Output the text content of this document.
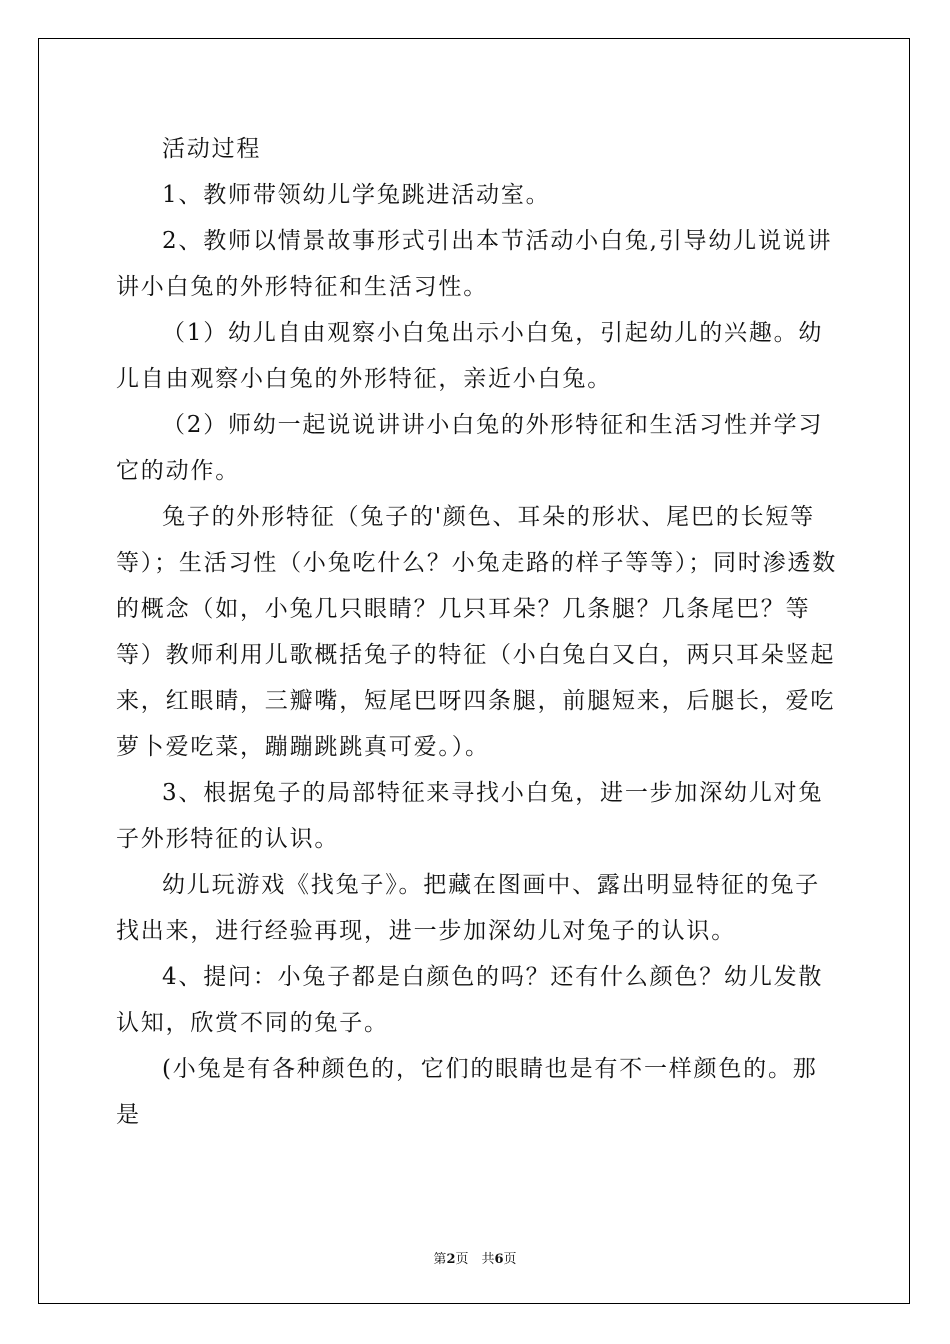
活动过程

1、教师带领幼儿学兔跳进活动室。

2、教师以情景故事形式引出本节活动小白兔,引导幼儿说说讲讲小白兔的外形特征和生活习性。

（1）幼儿自由观察小白兔出示小白兔，引起幼儿的兴趣。幼儿自由观察小白兔的外形特征，亲近小白兔。

（2）师幼一起说说讲讲小白兔的外形特征和生活习性并学习它的动作。

兔子的外形特征（兔子的'颜色、耳朵的形状、尾巴的长短等等）；生活习性（小兔吃什么？小兔走路的样子等等）；同时渗透数的概念（如，小兔几只眼睛？几只耳朵？几条腿？几条尾巴？等等）教师利用儿歌概括兔子的特征（小白兔白又白，两只耳朵竖起来，红眼睛，三瓣嘴，短尾巴呀四条腿，前腿短来，后腿长，爱吃萝卜爱吃菜，蹦蹦跳跳真可爱。）。

3、根据兔子的局部特征来寻找小白兔，进一步加深幼儿对兔子外形特征的认识。

幼儿玩游戏《找兔子》。把藏在图画中、露出明显特征的兔子找出来，进行经验再现，进一步加深幼儿对兔子的认识。

4、提问：小兔子都是白颜色的吗？还有什么颜色？幼儿发散认知，欣赏不同的兔子。

(小兔是有各种颜色的，它们的眼睛也是有不一样颜色的。那是

第2页　共6页
